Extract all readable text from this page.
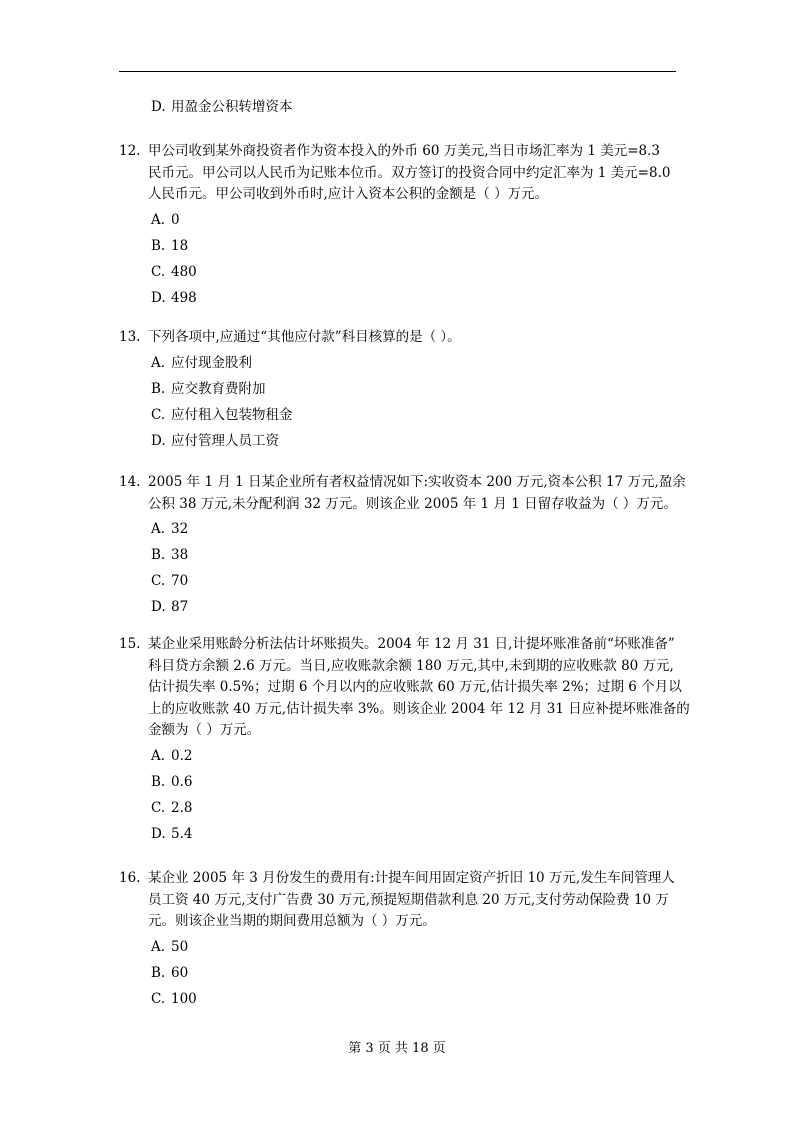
D. 用盈金公积转增资本
12. 甲公司收到某外商投资者作为资本投入的外币 60 万美元,当日市场汇率为 1 美元=8.3
民币元。甲公司以人民币为记账本位币。双方签订的投资合同中约定汇率为 1 美元=8.0
人民币元。甲公司收到外币时,应计入资本公积的金额是（ ）万元。
A. 0
B. 18
C. 480
D. 498
13. 下列各项中,应通过“其他应付款”科目核算的是（ ）。
A. 应付现金股利
B. 应交教育费附加
C. 应付租入包装物租金
D. 应付管理人员工资
14. 2005 年 1 月 1 日某企业所有者权益情况如下:实收资本 200 万元,资本公积 17 万元,盈余
公积 38 万元,未分配利润 32 万元。则该企业 2005 年 1 月 1 日留存收益为（ ）万元。
A. 32
B. 38
C. 70
D. 87
15. 某企业采用账龄分析法估计坏账损失。2004 年 12 月 31 日,计提坏账准备前“坏账准备”
科目贷方余额 2.6 万元。当日,应收账款余额 180 万元,其中,未到期的应收账款 80 万元,
估计损失率 0.5%；过期 6 个月以内的应收账款 60 万元,估计损失率 2%；过期 6 个月以
上的应收账款 40 万元,估计损失率 3%。则该企业 2004 年 12 月 31 日应补提坏账准备的
金额为（ ）万元。
A. 0.2
B. 0.6
C. 2.8
D. 5.4
16. 某企业 2005 年 3 月份发生的费用有:计提车间用固定资产折旧 10 万元,发生车间管理人
员工资 40 万元,支付广告费 30 万元,预提短期借款利息 20 万元,支付劳动保险费 10 万
元。则该企业当期的期间费用总额为（ ）万元。
A. 50
B. 60
C. 100
第 3 页 共 18 页
